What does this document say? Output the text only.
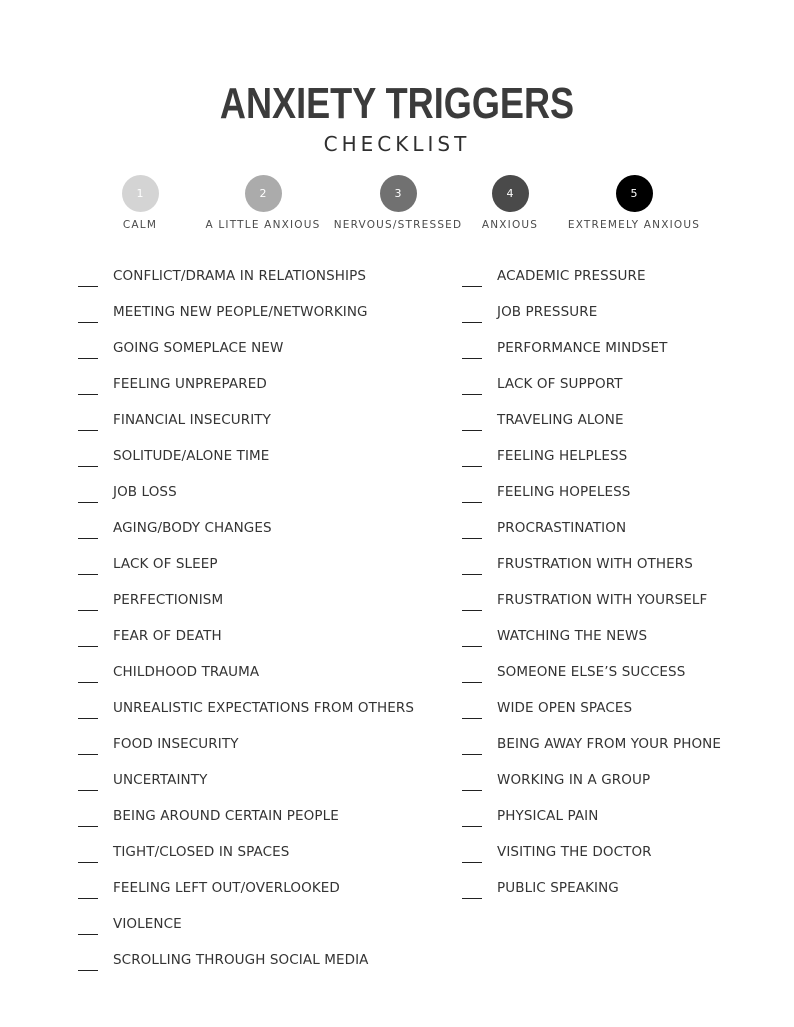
ANXIETY TRIGGERS
CHECKLIST
1
CALM
2
A LITTLE ANXIOUS
3
NERVOUS/STRESSED
4
ANXIOUS
5
EXTREMELY ANXIOUS
CONFLICT/DRAMA IN RELATIONSHIPS
MEETING NEW PEOPLE/NETWORKING
GOING SOMEPLACE NEW
FEELING UNPREPARED
FINANCIAL INSECURITY
SOLITUDE/ALONE TIME
JOB LOSS
AGING/BODY CHANGES
LACK OF SLEEP
PERFECTIONISM
FEAR OF DEATH
CHILDHOOD TRAUMA
UNREALISTIC EXPECTATIONS FROM OTHERS
FOOD INSECURITY
UNCERTAINTY
BEING AROUND CERTAIN PEOPLE
TIGHT/CLOSED IN SPACES
FEELING LEFT OUT/OVERLOOKED
VIOLENCE
SCROLLING THROUGH SOCIAL MEDIA
ACADEMIC PRESSURE
JOB PRESSURE
PERFORMANCE MINDSET
LACK OF SUPPORT
TRAVELING ALONE
FEELING HELPLESS
FEELING HOPELESS
PROCRASTINATION
FRUSTRATION WITH OTHERS
FRUSTRATION WITH YOURSELF
WATCHING THE NEWS
SOMEONE ELSE’S SUCCESS
WIDE OPEN SPACES
BEING AWAY FROM YOUR PHONE
WORKING IN A GROUP
PHYSICAL PAIN
VISITING THE DOCTOR
PUBLIC SPEAKING
